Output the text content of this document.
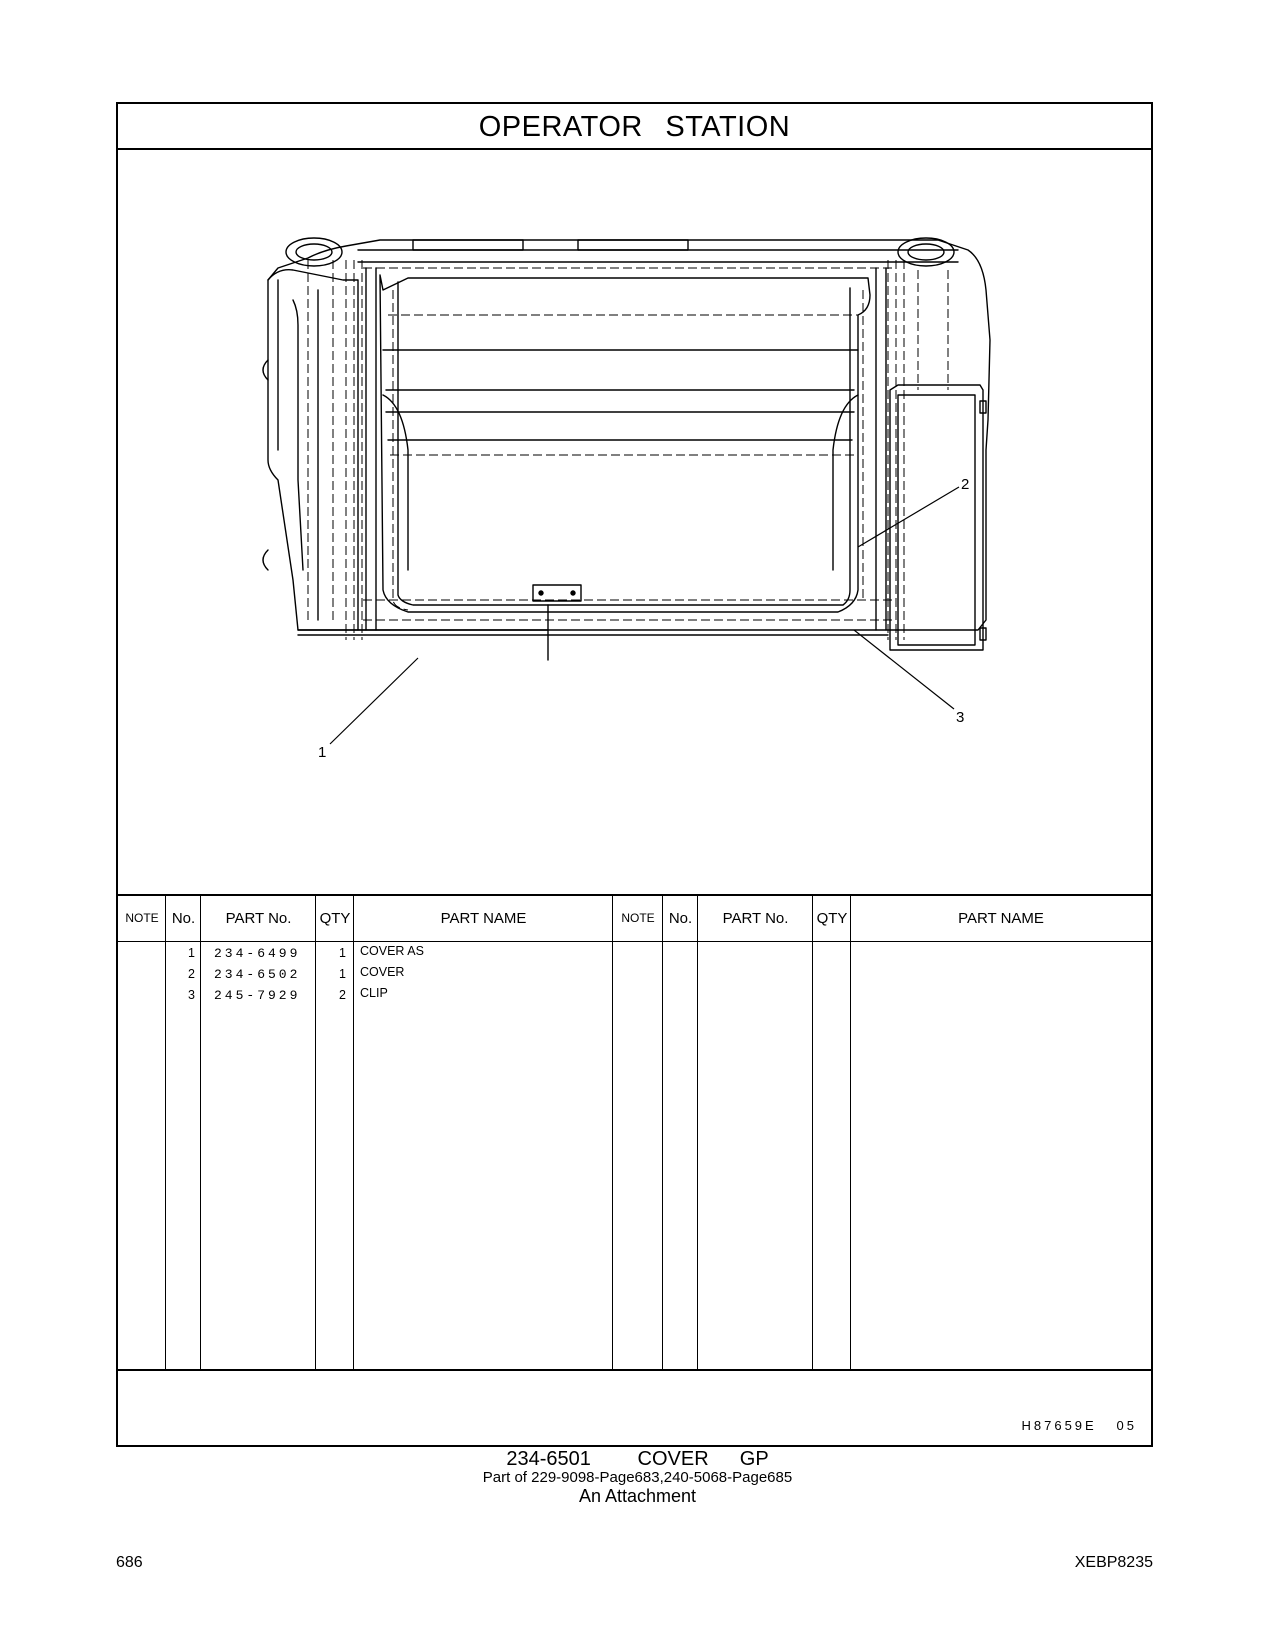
OPERATOR STATION
1
2
3
NOTE No.	PART No.	QTY	PART NAME
1 234-6499	1 COVER AS
2 234-6502	1 COVER
3 245-7929	2 CLIP
NOTE No.	PART No.	QTY	PART NAME
H87659E   05
234-6501   COVER  GP
Part of 229-9098-Page683,240-5068-Page685
An Attachment
686	XEBP8235
